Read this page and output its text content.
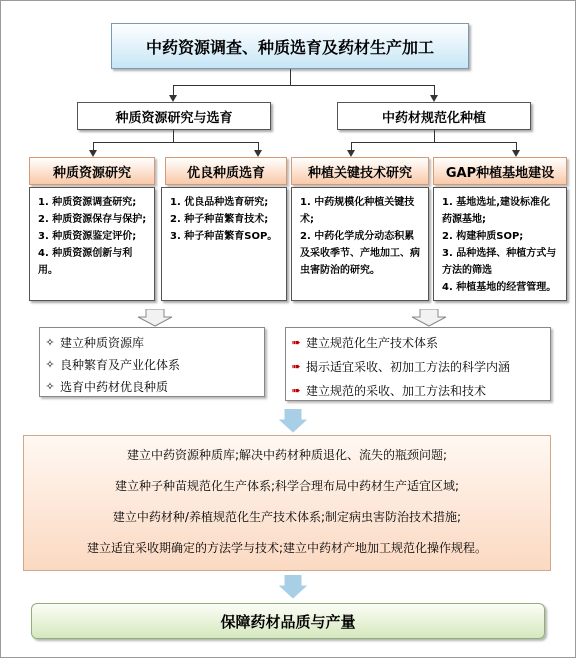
中药资源调查、种质选育及药材生产加工
种质资源研究与选育	中药材规范化种植
种质资源研究	优良种质选育	种植关键技术研究	GAP种植基地建设
1. 种质资源调查研究;
2. 种质资源保存与保护;
3. 种质资源鉴定评价;
4. 种质资源创新与利用。
1. 优良品种选育研究;
2. 种子种苗繁育技术;
3. 种子种苗繁育SOP。
1. 中药规模化种植关键技术;
2. 中药化学成分动态积累及采收季节、产地加工、病虫害防治的研究。
1. 基地选址,建设标准化药源基地;
2. 构建种质SOP;
3. 品种选择、种植方式与方法的筛选
4. 种植基地的经营管理。
✧ 建立种质资源库
✧ 良种繁育及产业化体系
✧ 选育中药材优良种质
➠ 建立规范化生产技术体系
➠ 揭示适宜采收、初加工方法的科学内涵
➠ 建立规范的采收、加工方法和技术
建立中药资源种质库;解决中药材种质退化、流失的瓶颈问题;
建立种子种苗规范化生产体系;科学合理布局中药材生产适宜区域;
建立中药材种/养植规范化生产技术体系;制定病虫害防治技术措施;
建立适宜采收期确定的方法学与技术;建立中药材产地加工规范化操作规程。
保障药材品质与产量
